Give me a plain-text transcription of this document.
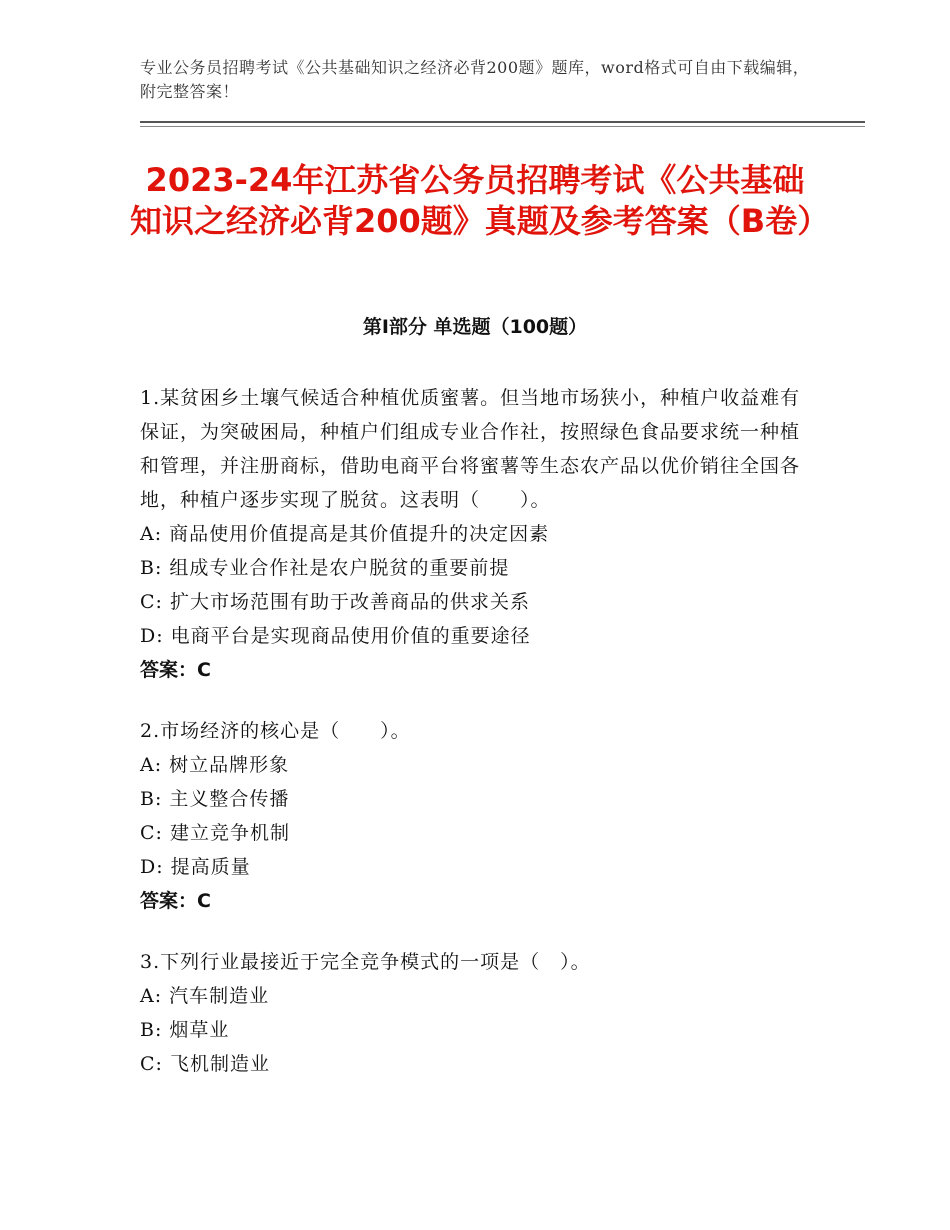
专业公务员招聘考试《公共基础知识之经济必背200题》题库，word格式可自由下载编辑，附完整答案！
2023-24年江苏省公务员招聘考试《公共基础知识之经济必背200题》真题及参考答案（B卷）
第Ⅰ部分 单选题（100题）

1.某贫困乡土壤气候适合种植优质蜜薯。但当地市场狭小，种植户收益难有保证，为突破困局，种植户们组成专业合作社，按照绿色食品要求统一种植和管理，并注册商标，借助电商平台将蜜薯等生态农产品以优价销往全国各地，种植户逐步实现了脱贫。这表明（　　）。

A: 商品使用价值提高是其价值提升的决定因素

B: 组成专业合作社是农户脱贫的重要前提

C: 扩大市场范围有助于改善商品的供求关系

D: 电商平台是实现商品使用价值的重要途径

答案：C

2.市场经济的核心是（　　）。

A: 树立品牌形象

B: 主义整合传播

C: 建立竞争机制

D: 提高质量

答案：C

3.下列行业最接近于完全竞争模式的一项是（　）。

A: 汽车制造业

B: 烟草业

C: 飞机制造业
